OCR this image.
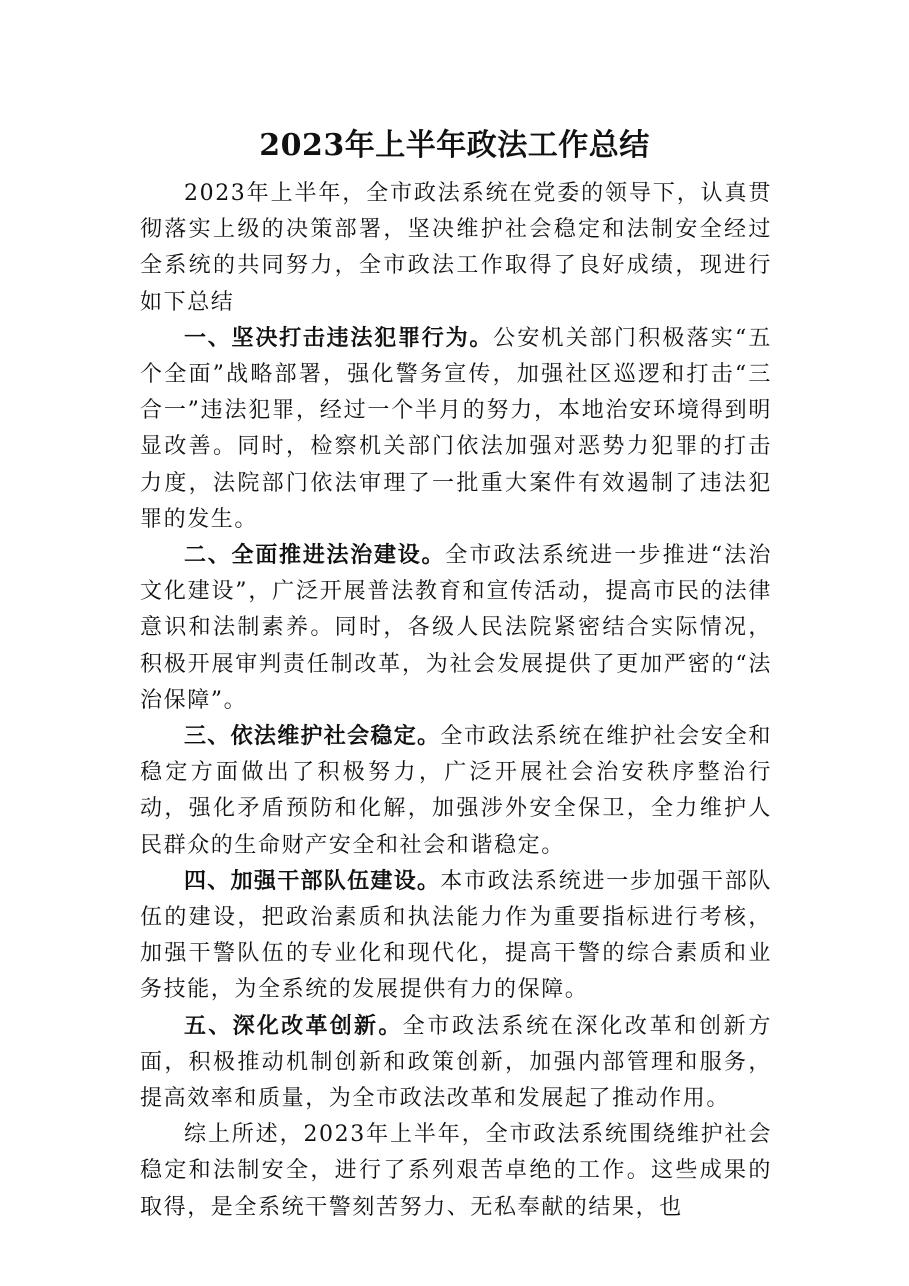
2023年上半年政法工作总结

2023年上半年，全市政法系统在党委的领导下，认真贯彻落实上级的决策部署，坚决维护社会稳定和法制安全经过全系统的共同努力，全市政法工作取得了良好成绩，现进行如下总结

一、坚决打击违法犯罪行为。公安机关部门积极落实“五个全面”战略部署，强化警务宣传，加强社区巡逻和打击“三合一”违法犯罪，经过一个半月的努力，本地治安环境得到明显改善。同时，检察机关部门依法加强对恶势力犯罪的打击力度，法院部门依法审理了一批重大案件有效遏制了违法犯罪的发生。

二、全面推进法治建设。全市政法系统进一步推进“法治文化建设”，广泛开展普法教育和宣传活动，提高市民的法律意识和法制素养。同时，各级人民法院紧密结合实际情况，积极开展审判责任制改革，为社会发展提供了更加严密的“法治保障”。

三、依法维护社会稳定。全市政法系统在维护社会安全和稳定方面做出了积极努力，广泛开展社会治安秩序整治行动，强化矛盾预防和化解，加强涉外安全保卫，全力维护人民群众的生命财产安全和社会和谐稳定。

四、加强干部队伍建设。本市政法系统进一步加强干部队伍的建设，把政治素质和执法能力作为重要指标进行考核，加强干警队伍的专业化和现代化，提高干警的综合素质和业务技能，为全系统的发展提供有力的保障。

五、深化改革创新。全市政法系统在深化改革和创新方面，积极推动机制创新和政策创新，加强内部管理和服务，提高效率和质量，为全市政法改革和发展起了推动作用。

综上所述，2023年上半年，全市政法系统围绕维护社会稳定和法制安全，进行了系列艰苦卓绝的工作。这些成果的取得，是全系统干警刻苦努力、无私奉献的结果，也
